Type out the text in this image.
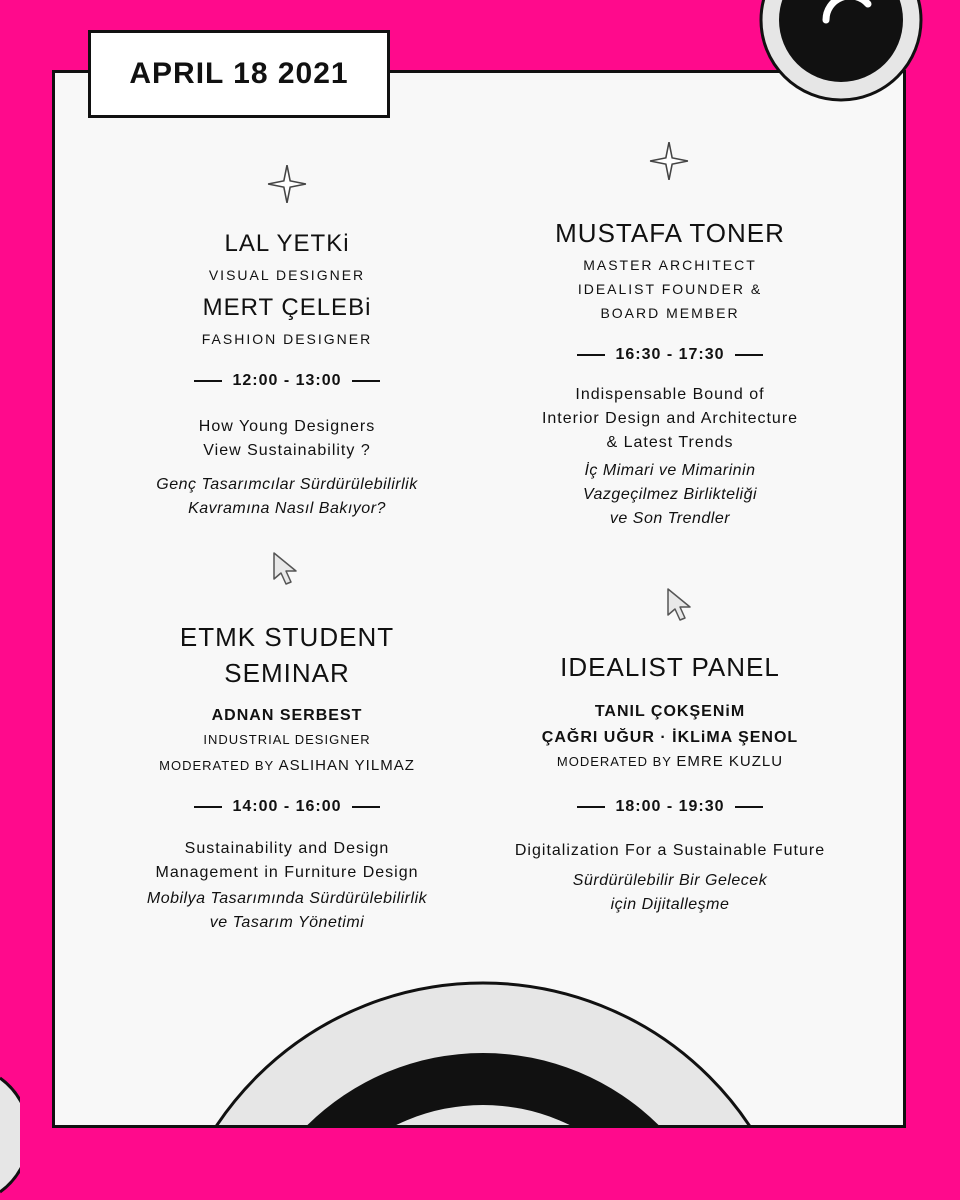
LAL YETKi
VISUAL DESIGNER
MERT ÇELEBi
FASHION DESIGNER
12:00 - 13:00
How Young Designers
View Sustainability ?
Genç Tasarımcılar Sürdürülebilirlik
Kavramına Nasıl Bakıyor?
MUSTAFA TONER
MASTER ARCHITECT
IDEALIST FOUNDER &
BOARD MEMBER
16:30 - 17:30
Indispensable Bound of
Interior Design and Architecture
& Latest Trends
İç Mimari ve Mimarinin
Vazgeçilmez Birlikteliği
ve Son Trendler
ETMK STUDENT
SEMINAR
ADNAN SERBEST
INDUSTRIAL DESIGNER
MODERATED BY ASLIHAN YILMAZ
14:00 - 16:00
Sustainability and Design
Management in Furniture Design
Mobilya Tasarımında Sürdürülebilirlik
ve Tasarım Yönetimi
IDEALIST PANEL
TANIL ÇOKŞENiM
ÇAĞRI UĞUR · İKLiMA ŞENOL
MODERATED BY EMRE KUZLU
18:00 - 19:30
Digitalization For a Sustainable Future
Sürdürülebilir Bir Gelecek
için Dijitalleşme
APRIL 18 2021
